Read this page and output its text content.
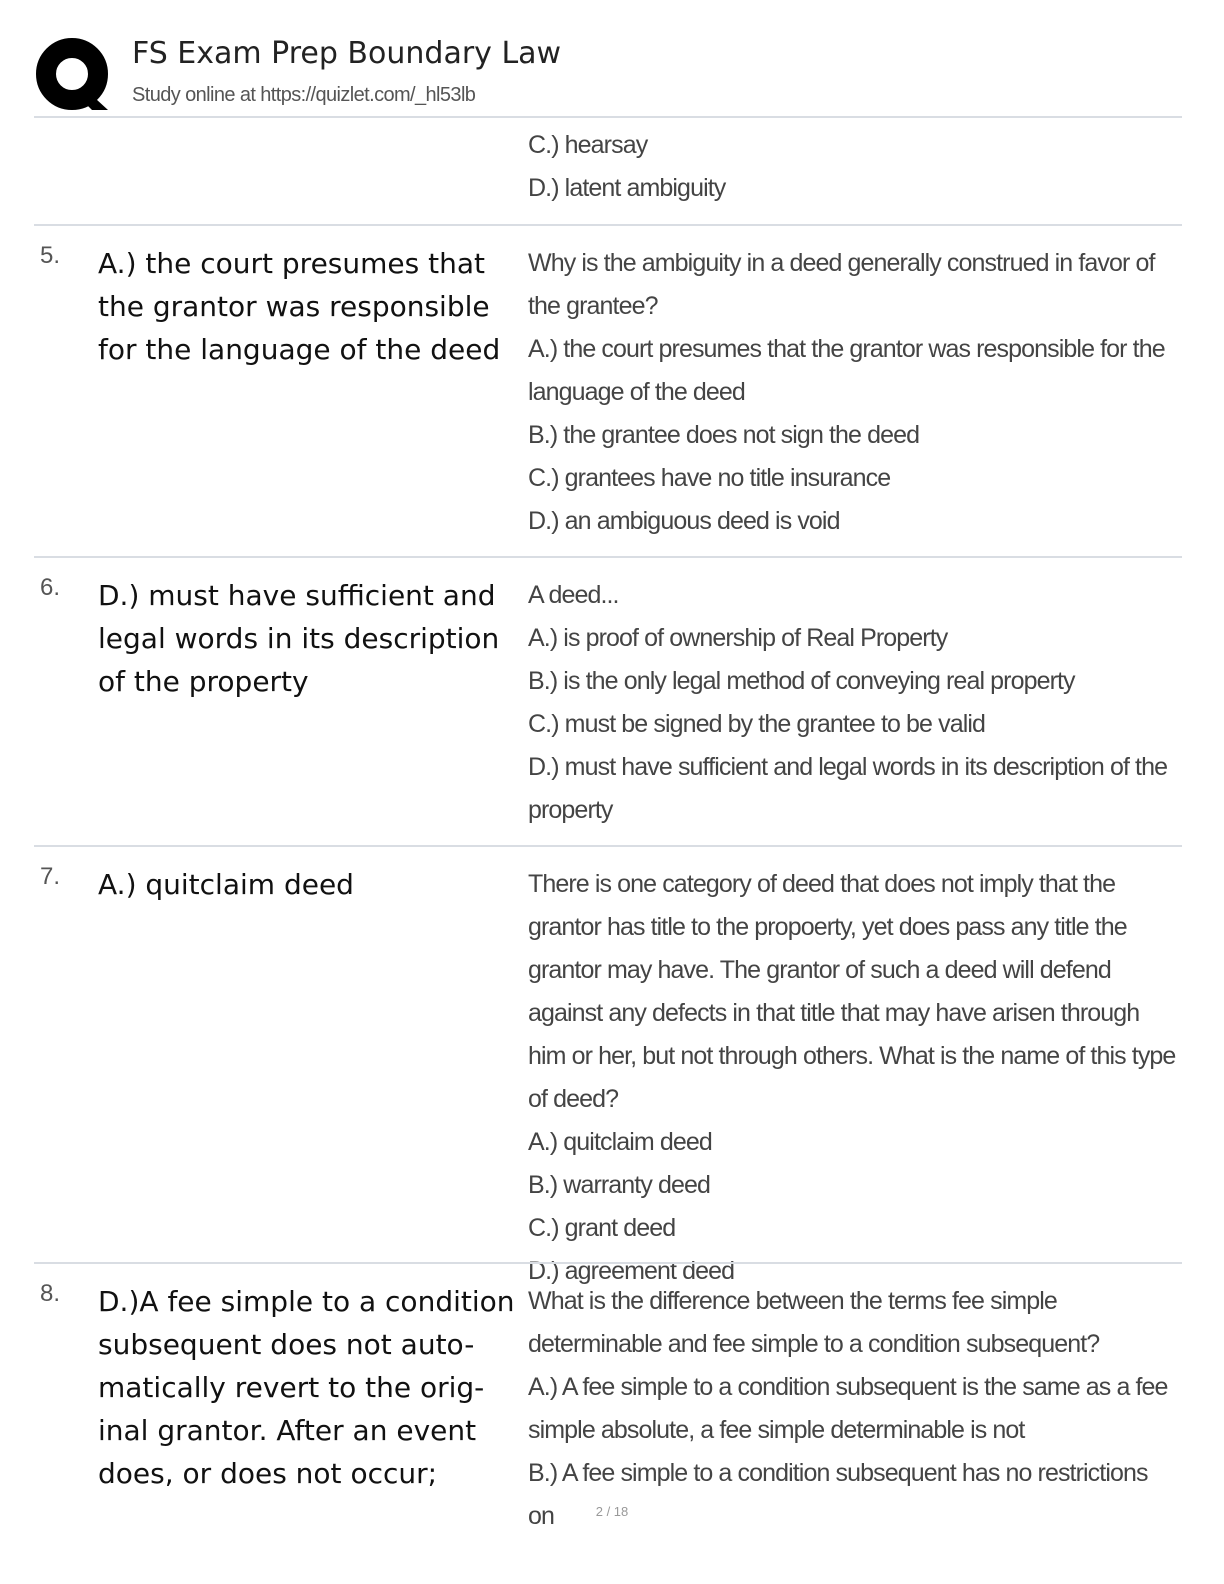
FS Exam Prep Boundary Law
Study online at https://quizlet.com/_hl53lb
C.) hearsay
D.) latent ambiguity
5. A.) the court presumes that the grantor was responsible for the language of the deed
Why is the ambiguity in a deed generally construed in favor of the grantee?
A.) the court presumes that the grantor was responsible for the language of the deed
B.) the grantee does not sign the deed
C.) grantees have no title insurance
D.) an ambiguous deed is void
6. D.) must have sufficient and legal words in its description of the property
A deed...
A.) is proof of ownership of Real Property
B.) is the only legal method of conveying real property
C.) must be signed by the grantee to be valid
D.) must have sufficient and legal words in its description of the property
7. A.) quitclaim deed	There is one category of deed that does not imply that the grantor has title to the propoerty, yet does pass any title the grantor may have. The grantor of such a deed will defend against any defects in that title that may have arisen through him or her, but not through others. What is the name of this type of deed?
A.) quitclaim deed
B.) warranty deed
C.) grant deed
D.) agreement deed
8. D.)A fee simple to a condition subsequent does not auto-matically revert to the orig-inal grantor. After an event does, or does not occur;
What is the difference between the terms fee simple determinable and fee simple to a condition subsequent?
A.) A fee simple to a condition subsequent is the same as a fee simple absolute, a fee simple determinable is not
B.) A fee simple to a condition subsequent has no restrictions on	2 / 18
